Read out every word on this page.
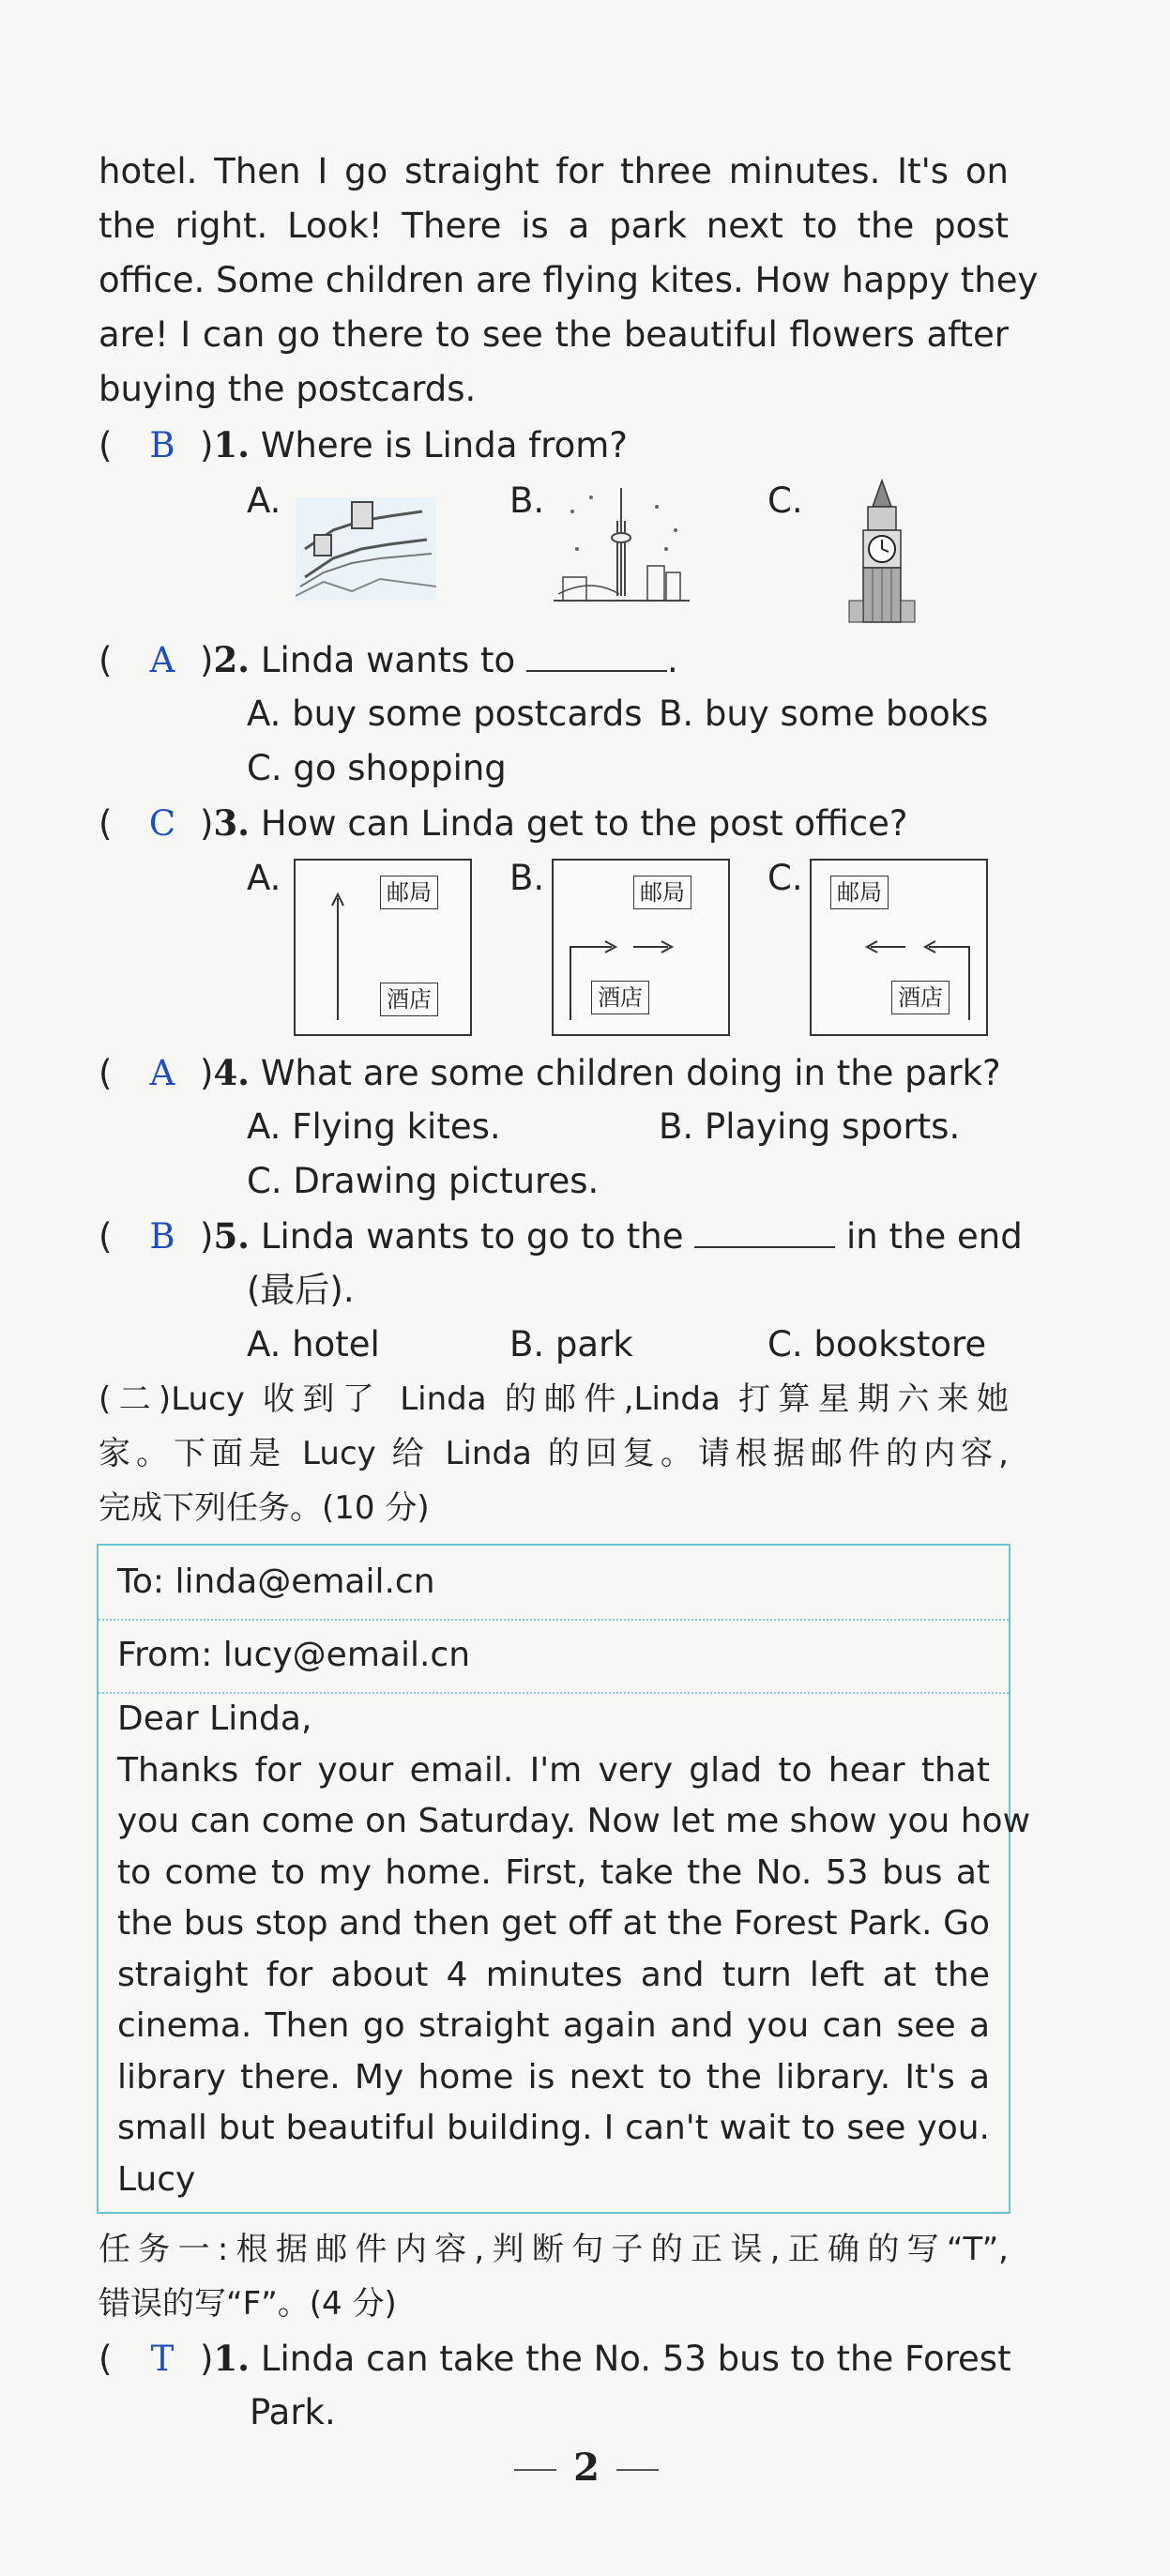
hotel. Then I go straight for three minutes. It's on
the right. Look! There is a park next to the post
office. Some children are flying kites. How happy they
are! I can go there to see the beautiful flowers after
buying the postcards.
( B )1. Where is Linda from?
A.	B.	C.
( A )2. Linda wants to	.
A. buy some postcards B. buy some books
C. go shopping
( C )3. How can Linda get to the post office?
A.	B.	C.
邮局
酒店
邮局
酒店
邮局
酒店
( A )4. What are some children doing in the park?
A. Flying kites.	B. Playing sports.
C. Drawing pictures.
( B )5. Linda wants to go to the	in the end
(最后).
A. hotel	B. park	C. bookstore
(二)Lucy 收到了 Linda 的邮件,Linda 打算星期六来她
家。下面是 Lucy 给 Linda 的回复。请根据邮件的内容,
完成下列任务。(10 分)
To: linda@email.cn
From: lucy@email.cn
Dear Linda,
Thanks for your email. I'm very glad to hear that
you can come on Saturday. Now let me show you how
to come to my home. First, take the No. 53 bus at
the bus stop and then get off at the Forest Park. Go
straight for about 4 minutes and turn left at the
cinema. Then go straight again and you can see a
library there. My home is next to the library. It's a
small but beautiful building. I can't wait to see you.
Lucy
任务一:根据邮件内容,判断句子的正误,正确的写“T”,
错误的写“F”。(4 分)
( T )1. Linda can take the No. 53 bus to the Forest
Park.
2
